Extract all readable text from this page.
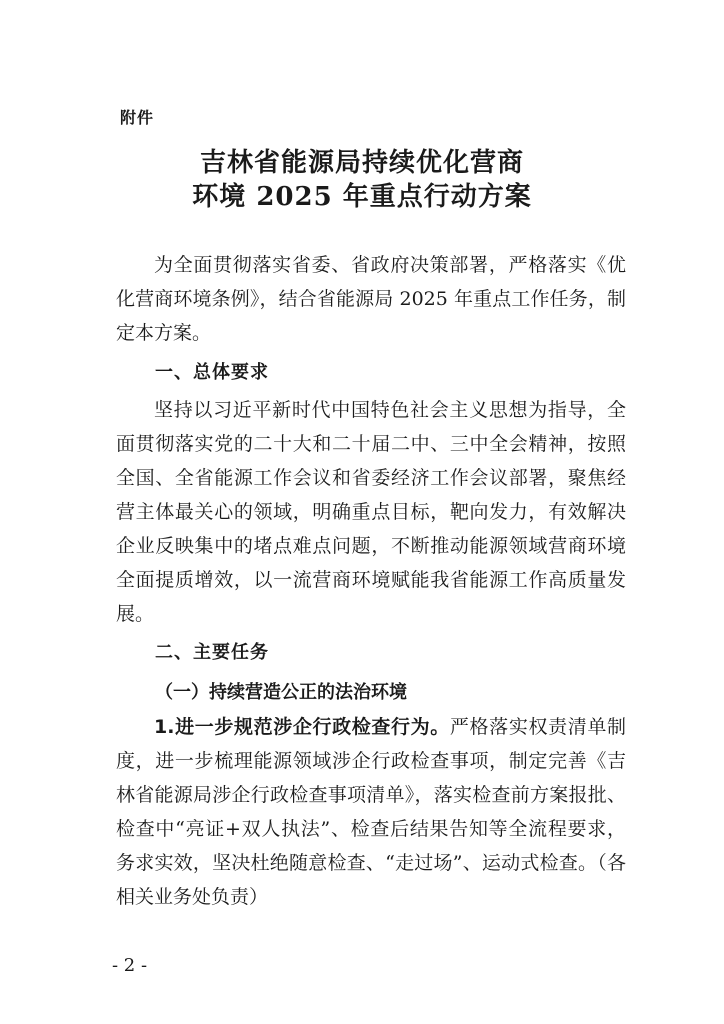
附件
吉林省能源局持续优化营商
环境 2025 年重点行动方案

为全面贯彻落实省委、省政府决策部署，严格落实《优化营商环境条例》，结合省能源局 2025 年重点工作任务，制定本方案。

一、总体要求

坚持以习近平新时代中国特色社会主义思想为指导，全面贯彻落实党的二十大和二十届二中、三中全会精神，按照全国、全省能源工作会议和省委经济工作会议部署，聚焦经营主体最关心的领域，明确重点目标，靶向发力，有效解决企业反映集中的堵点难点问题，不断推动能源领域营商环境全面提质增效，以一流营商环境赋能我省能源工作高质量发展。

二、主要任务
（一）持续营造公正的法治环境

1.进一步规范涉企行政检查行为。严格落实权责清单制度，进一步梳理能源领域涉企行政检查事项，制定完善《吉林省能源局涉企行政检查事项清单》，落实检查前方案报批、检查中“亮证+双人执法”、检查后结果告知等全流程要求，务求实效，坚决杜绝随意检查、“走过场”、运动式检查。（各相关业务处负责）

- 2 -
